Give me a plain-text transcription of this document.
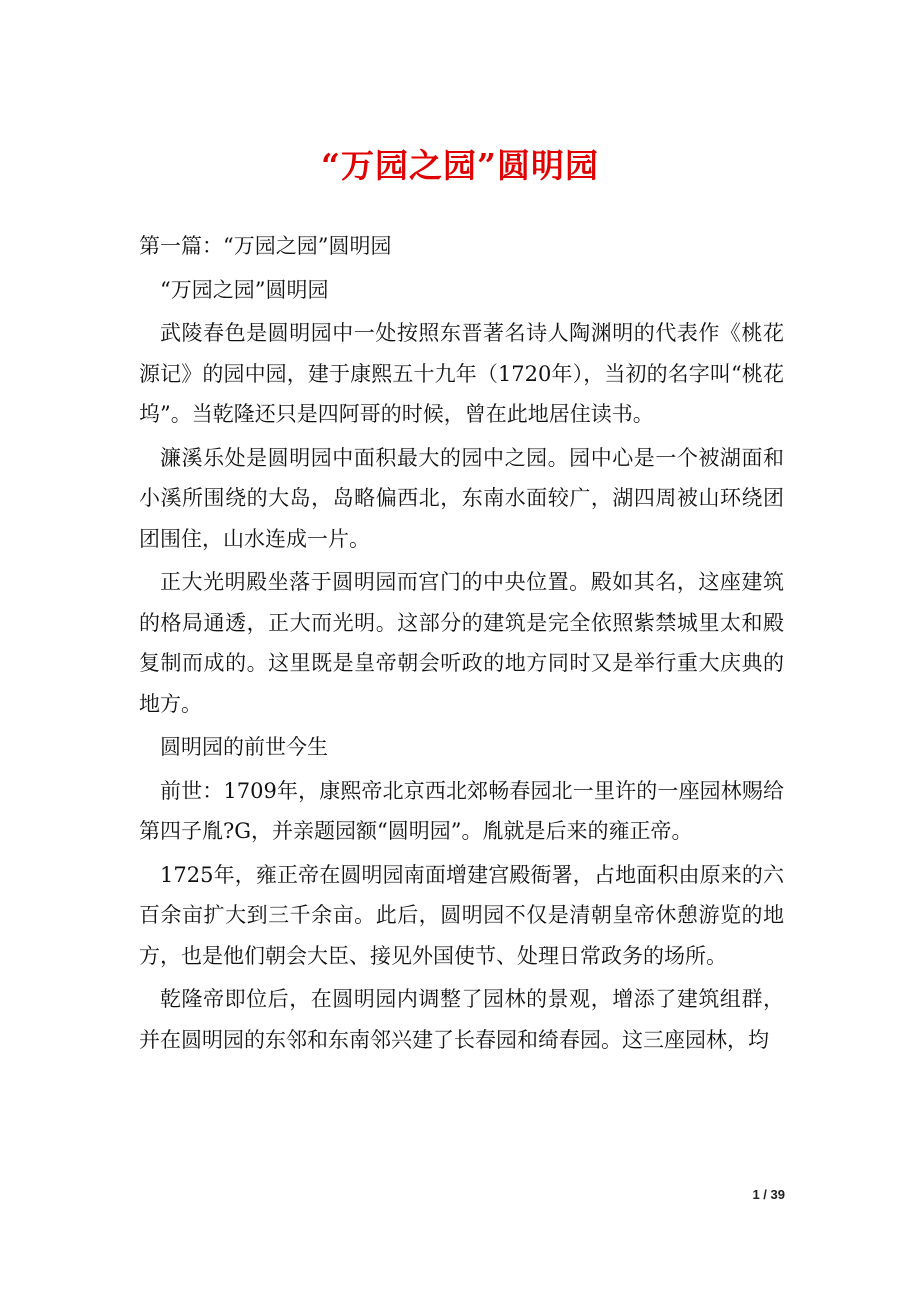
“万园之园”圆明园

第一篇：“万园之园”圆明园

“万园之园”圆明园

武陵春色是圆明园中一处按照东晋著名诗人陶渊明的代表作《桃花源记》的园中园，建于康熙五十九年（1720年），当初的名字叫“桃花坞”。当乾隆还只是四阿哥的时候，曾在此地居住读书。

濂溪乐处是圆明园中面积最大的园中之园。园中心是一个被湖面和小溪所围绕的大岛，岛略偏西北，东南水面较广，湖四周被山环绕团团围住，山水连成一片。

正大光明殿坐落于圆明园而宫门的中央位置。殿如其名，这座建筑的格局通透，正大而光明。这部分的建筑是完全依照紫禁城里太和殿复制而成的。这里既是皇帝朝会听政的地方同时又是举行重大庆典的地方。

圆明园的前世今生

前世：1709年，康熙帝北京西北郊畅春园北一里许的一座园林赐给第四子胤?G，并亲题园额“圆明园”。胤就是后来的雍正帝。

1725年，雍正帝在圆明园南面增建宫殿衙署，占地面积由原来的六百余亩扩大到三千余亩。此后，圆明园不仅是清朝皇帝休憩游览的地方，也是他们朝会大臣、接见外国使节、处理日常政务的场所。

乾隆帝即位后，在圆明园内调整了园林的景观，增添了建筑组群，并在圆明园的东邻和东南邻兴建了长春园和绮春园。这三座园林，均

1 / 39
